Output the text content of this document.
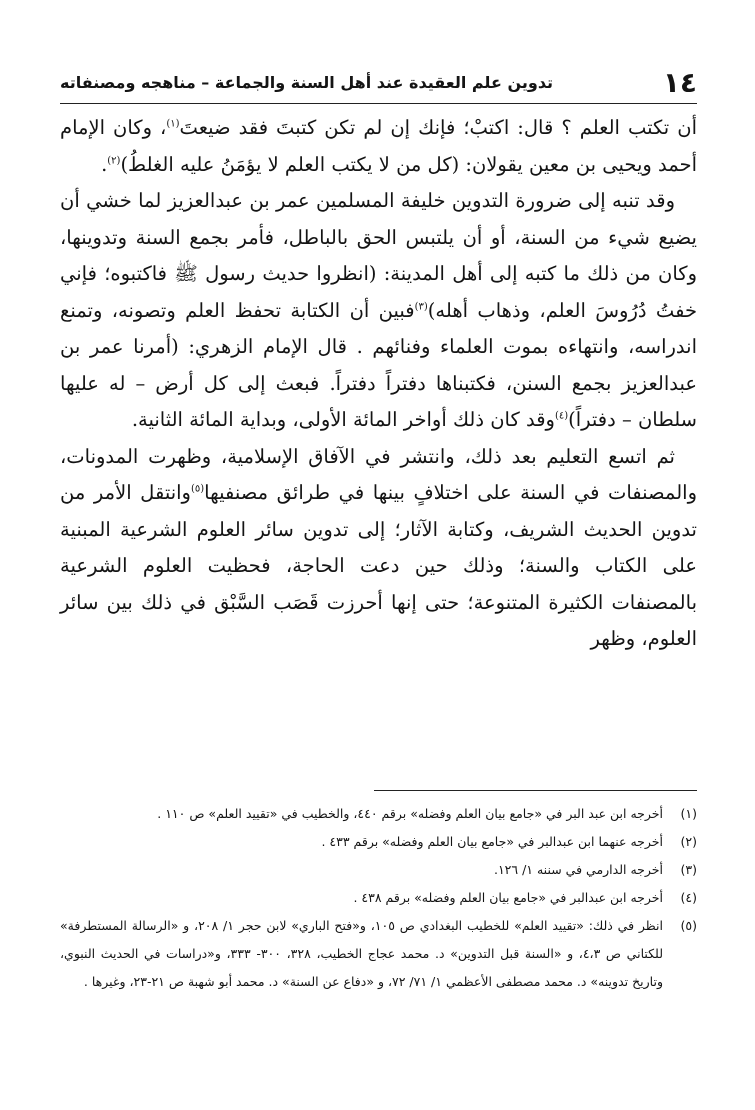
١٤
تدوين علم العقيدة عند أهل السنة والجماعة – مناهجه ومصنفاته

أن تكتب العلم ؟ قال: اكتبْ؛ فإنك إن لم تكن كتبتَ فقد ضيعتَ$^{(١)}$، وكان الإمام أحمد ويحيى بن معين يقولان: (كل من لا يكتب العلم لا يؤمَنُ عليه الغلطُ)$^{(٢)}$.

وقد تنبه إلى ضرورة التدوين خليفة المسلمين عمر بن عبدالعزيز لما خشي أن يضيع شيء من السنة، أو أن يلتبس الحق بالباطل، فأمر بجمع السنة وتدوينها، وكان من ذلك ما كتبه إلى أهل المدينة: (انظروا حديث رسول ﷺ فاكتبوه؛ فإني خفتُ دُرُوسَ العلم، وذهاب أهله)$^{(٣)}$فبين أن الكتابة تحفظ العلم وتصونه، وتمنع اندراسه، وانتهاءه بموت العلماء وفنائهم . قال الإمام الزهري: (أمرنا عمر بن عبدالعزيز بجمع السنن، فكتبناها دفتراً دفتراً. فبعث إلى كل أرض – له عليها سلطان – دفتراً)$^{(٤)}$وقد كان ذلك أواخر المائة الأولى، وبداية المائة الثانية.

ثم اتسع التعليم بعد ذلك، وانتشر في الآفاق الإسلامية، وظهرت المدونات، والمصنفات في السنة على اختلافٍ بينها في طرائق مصنفيها$^{(٥)}$وانتقل الأمر من تدوين الحديث الشريف، وكتابة الآثار؛ إلى تدوين سائر العلوم الشرعية المبنية على الكتاب والسنة؛ وذلك حين دعت الحاجة، فحظيت العلوم الشرعية بالمصنفات الكثيرة المتنوعة؛ حتى إنها أحرزت قَصَب السَّبْق في ذلك بين سائر العلوم، وظهر

(١)
أخرجه ابن عبد البر في «جامع بيان العلم وفضله» برقم ٤٤٠، والخطيب في «تقييد العلم» ص ١١٠ .
(٢)
أخرجه عنهما ابن عبدالبر في «جامع بيان العلم وفضله» برقم ٤٣٣ .
(٣)
أخرجه الدارمي في سننه ١/ ١٢٦.
(٤)
أخرجه ابن عبدالبر في «جامع بيان العلم وفضله» برقم ٤٣٨ .
(٥)
انظر في ذلك: «تقييد العلم» للخطيب البغدادي ص ١٠٥، و«فتح الباري» لابن حجر ١/ ٢٠٨، و «الرسالة المستطرفة» للكتاني ص ٤،٣، و «السنة قبل التدوين» د. محمد عجاج الخطيب، ٣٢٨، ٣٠٠- ٣٣٣، و«دراسات في الحديث النبوي، وتاريخ تدوينه» د. محمد مصطفى الأعظمي ١/ ٧١/ ٧٢، و «دفاع عن السنة» د. محمد أبو شهبة ص ٢١-٢٣، وغيرها .
